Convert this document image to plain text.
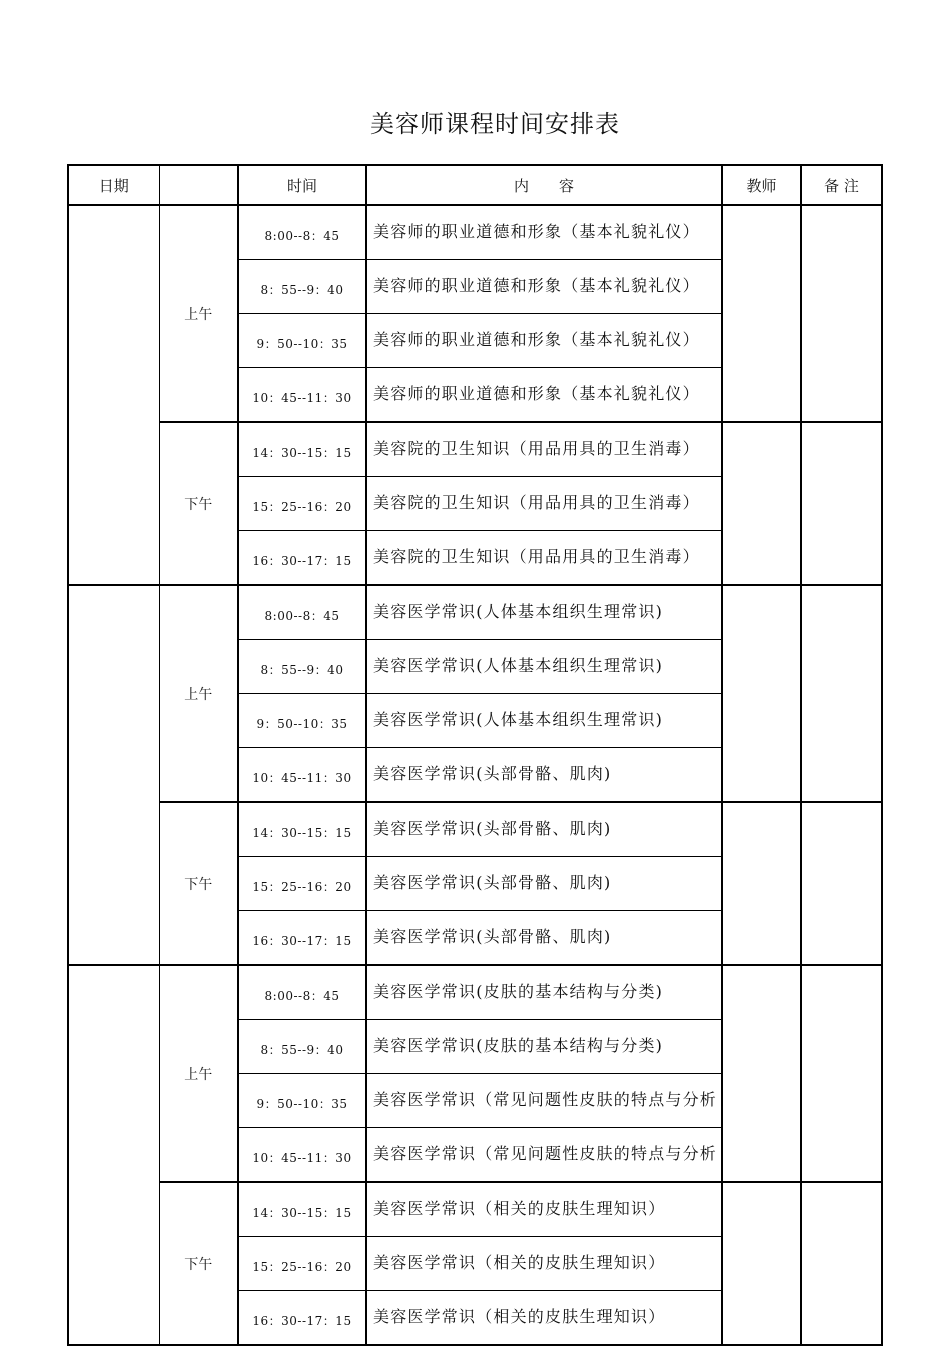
美容师课程时间安排表
日期		时间	内　　容	教师	备 注
	上午	8:00--8：45	美容师的职业道德和形象（基本礼貌礼仪）		
		8：55--9：40	美容师的职业道德和形象（基本礼貌礼仪）		
		9：50--10：35	美容师的职业道德和形象（基本礼貌礼仪）		
		10：45--11：30	美容师的职业道德和形象（基本礼貌礼仪）		
	下午	14：30--15：15	美容院的卫生知识（用品用具的卫生消毒）		
		15：25--16：20	美容院的卫生知识（用品用具的卫生消毒）		
		16：30--17：15	美容院的卫生知识（用品用具的卫生消毒）		
	上午	8:00--8：45	美容医学常识(人体基本组织生理常识)		
		8：55--9：40	美容医学常识(人体基本组织生理常识)		
		9：50--10：35	美容医学常识(人体基本组织生理常识)		
		10：45--11：30	美容医学常识(头部骨骼、肌肉)		
	下午	14：30--15：15	美容医学常识(头部骨骼、肌肉)		
		15：25--16：20	美容医学常识(头部骨骼、肌肉)		
		16：30--17：15	美容医学常识(头部骨骼、肌肉)		
	上午	8:00--8：45	美容医学常识(皮肤的基本结构与分类)		
		8：55--9：40	美容医学常识(皮肤的基本结构与分类)		
		9：50--10：35	美容医学常识（常见问题性皮肤的特点与分析		
		10：45--11：30	美容医学常识（常见问题性皮肤的特点与分析		
	下午	14：30--15：15	美容医学常识（相关的皮肤生理知识）		
		15：25--16：20	美容医学常识（相关的皮肤生理知识）		
		16：30--17：15	美容医学常识（相关的皮肤生理知识）		
